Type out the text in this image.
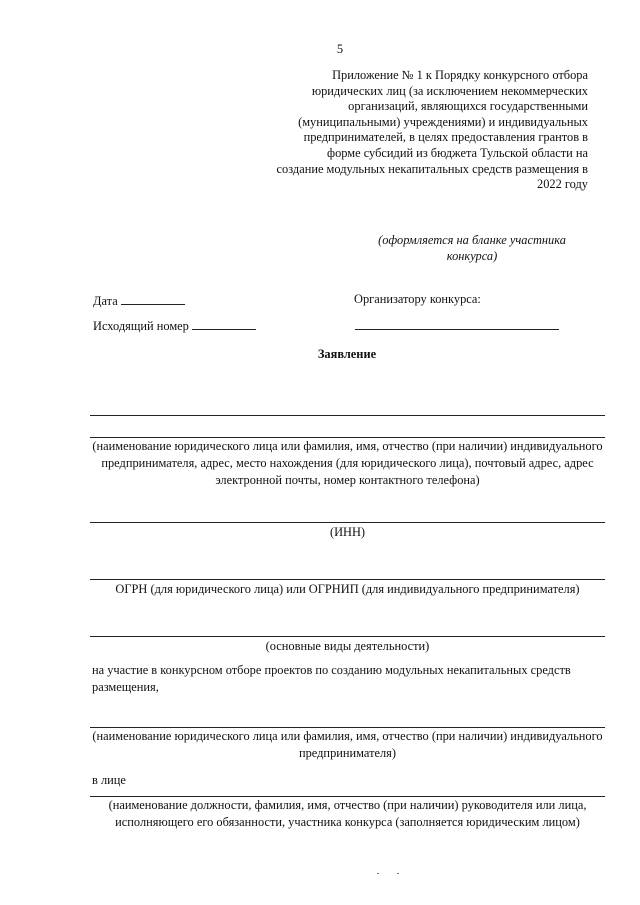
5
Приложение № 1 к Порядку конкурсного отбора
юридических лиц (за исключением некоммерческих
организаций, являющихся государственными
(муниципальными) учреждениями) и индивидуальных
предпринимателей, в целях предоставления грантов в
форме субсидий из бюджета Тульской области на
создание модульных некапитальных средств размещения в
2022 году
(оформляется на бланке участника конкурса)
Дата
Исходящий номер
Организатору конкурса:
Заявление
(наименование юридического лица или фамилия, имя, отчество (при наличии) индивидуального предпринимателя, адрес, место нахождения (для юридического лица), почтовый адрес, адрес электронной почты, номер контактного телефона)
(ИНН)
ОГРН (для юридического лица) или ОГРНИП (для индивидуального предпринимателя)
(основные виды деятельности)
на участие в конкурсном отборе проектов по созданию модульных некапитальных средств размещения,
(наименование юридического лица или фамилия, имя, отчество (при наличии) индивидуального предпринимателя)
в лице
(наименование должности, фамилия, имя, отчество (при наличии) руководителя или лица, исполняющего его обязанности, участника конкурса (заполняется юридическим лицом)
